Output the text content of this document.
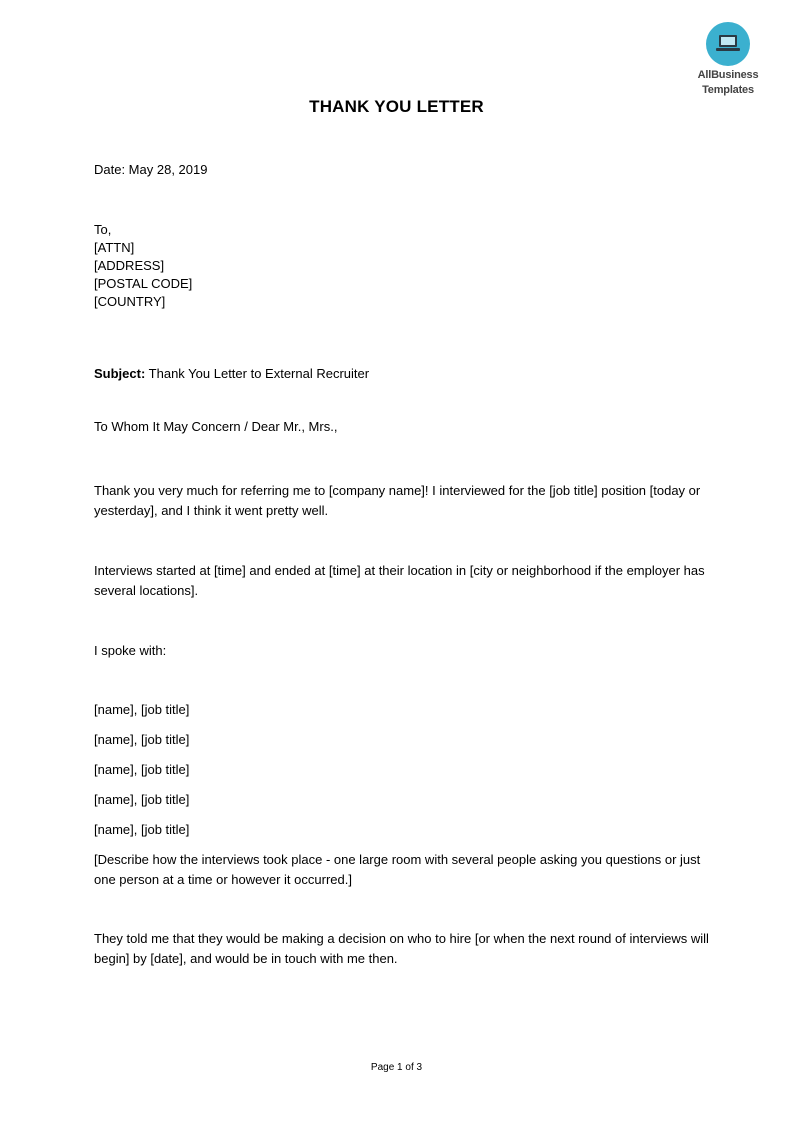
AllBusiness
Templates
THANK YOU LETTER
Date: May 28, 2019
To,
[ATTN]
[ADDRESS]
[POSTAL CODE]
[COUNTRY]
Subject: Thank You Letter to External Recruiter
To Whom It May Concern / Dear Mr., Mrs.,
Thank you very much for referring me to [company name]! I interviewed for the [job title] position [today or yesterday], and I think it went pretty well.
Interviews started at [time] and ended at [time] at their location in [city or neighborhood if the employer has several locations].
I spoke with:
[name], [job title]
[name], [job title]
[name], [job title]
[name], [job title]
[name], [job title]
[Describe how the interviews took place - one large room with several people asking you questions or just one person at a time or however it occurred.]
They told me that they would be making a decision on who to hire [or when the next round of interviews will begin] by [date], and would be in touch with me then.
Page 1 of 3
